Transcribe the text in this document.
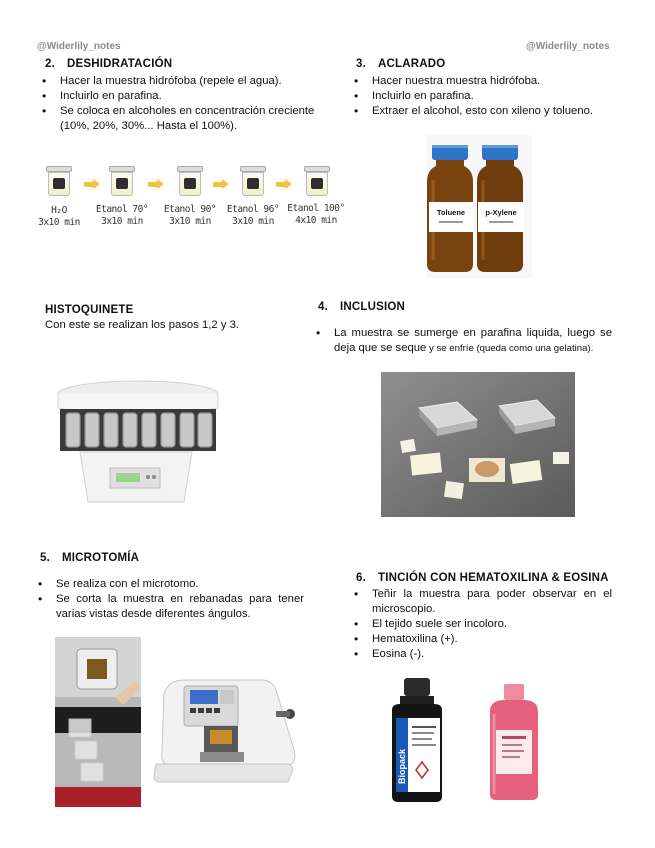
@Widerlily_notes	@Widerlily_notes
2. DESHIDRATACIÓN
• Hacer la muestra hidrófoba (repele el agua).
• Incluirlo en parafina.
• Se coloca en alcoholes en concentración creciente (10%, 20%, 30%... Hasta el 100%).
H₂O
3x10 min
Etanol 70°
3x10 min
Etanol 90°
3x10 min
Etanol 96°
3x10 min
Etanol 100°
4x10 min
3. ACLARADO
• Hacer nuestra muestra hidrófoba.
• Incluirlo en parafina.
• Extraer el alcohol, esto con xileno y tolueno.
Toluene	p-Xylene
HISTOQUINETE
Con este se realizan los pasos 1,2 y 3.
4. INCLUSION
• La muestra se sumerge en parafina liquida, luego se deja que se seque y se enfríe (queda como una gelatina).
5. MICROTOMÍA
• Se realiza con el microtomo.
• Se corta la muestra en rebanadas para tener varias vistas desde diferentes ángulos.
6. TINCIÓN CON HEMATOXILINA & EOSINA
• Teñir la muestra para poder observar en el microscopio.
• El tejido suele ser incoloro.
• Hematoxilina (+).
• Eosina (-).
Biopack
